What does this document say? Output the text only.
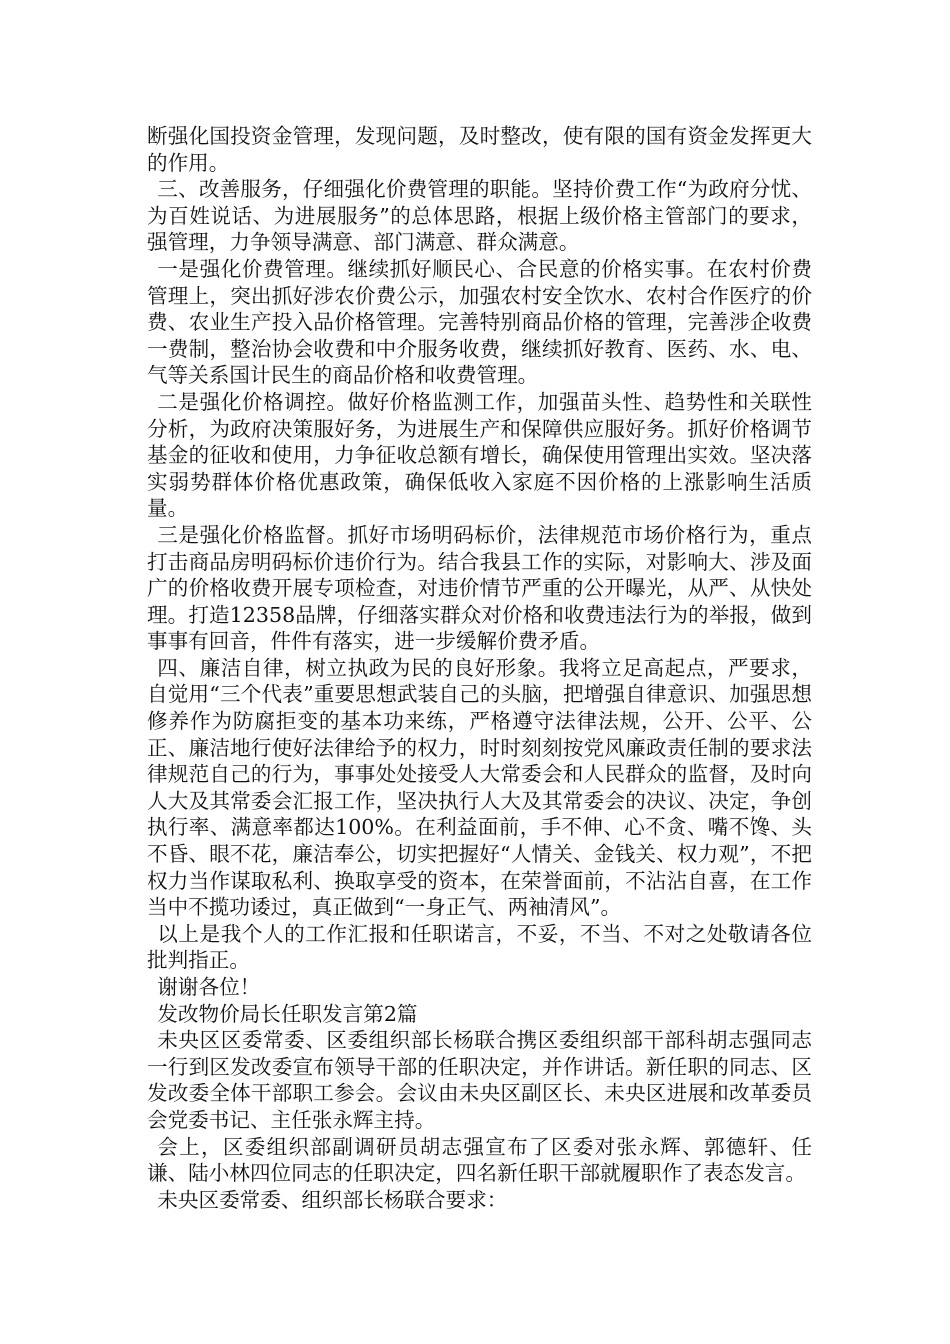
断强化国投资金管理，发现问题，及时整改，使有限的国有资金发挥更大的作用。

三、改善服务，仔细强化价费管理的职能。坚持价费工作“为政府分忧、为百姓说话、为进展服务”的总体思路，根据上级价格主管部门的要求，强管理，力争领导满意、部门满意、群众满意。

一是强化价费管理。继续抓好顺民心、合民意的价格实事。在农村价费管理上，突出抓好涉农价费公示，加强农村安全饮水、农村合作医疗的价费、农业生产投入品价格管理。完善特别商品价格的管理，完善涉企收费一费制，整治协会收费和中介服务收费，继续抓好教育、医药、水、电、气等关系国计民生的商品价格和收费管理。

二是强化价格调控。做好价格监测工作，加强苗头性、趋势性和关联性分析，为政府决策服好务，为进展生产和保障供应服好务。抓好价格调节基金的征收和使用，力争征收总额有增长，确保使用管理出实效。坚决落实弱势群体价格优惠政策，确保低收入家庭不因价格的上涨影响生活质量。

三是强化价格监督。抓好市场明码标价，法律规范市场价格行为，重点打击商品房明码标价违价行为。结合我县工作的实际，对影响大、涉及面广的价格收费开展专项检查，对违价情节严重的公开曝光，从严、从快处理。打造12358品牌，仔细落实群众对价格和收费违法行为的举报，做到事事有回音，件件有落实，进一步缓解价费矛盾。

四、廉洁自律，树立执政为民的良好形象。我将立足高起点，严要求，自觉用“三个代表”重要思想武装自己的头脑，把增强自律意识、加强思想修养作为防腐拒变的基本功来练，严格遵守法律法规，公开、公平、公正、廉洁地行使好法律给予的权力，时时刻刻按党风廉政责任制的要求法律规范自己的行为，事事处处接受人大常委会和人民群众的监督，及时向人大及其常委会汇报工作，坚决执行人大及其常委会的决议、决定，争创执行率、满意率都达100%。在利益面前，手不伸、心不贪、嘴不馋、头不昏、眼不花，廉洁奉公，切实把握好“人情关、金钱关、权力观”，不把权力当作谋取私利、换取享受的资本，在荣誉面前，不沾沾自喜，在工作当中不揽功诿过，真正做到“一身正气、两袖清风”。

以上是我个人的工作汇报和任职诺言，不妥，不当、不对之处敬请各位批判指正。

谢谢各位！

发改物价局长任职发言第2篇

未央区区委常委、区委组织部长杨联合携区委组织部干部科胡志强同志一行到区发改委宣布领导干部的任职决定，并作讲话。新任职的同志、区发改委全体干部职工参会。会议由未央区副区长、未央区进展和改革委员会党委书记、主任张永辉主持。

会上，区委组织部副调研员胡志强宣布了区委对张永辉、郭德轩、任谦、陆小林四位同志的任职决定，四名新任职干部就履职作了表态发言。

未央区委常委、组织部长杨联合要求：
